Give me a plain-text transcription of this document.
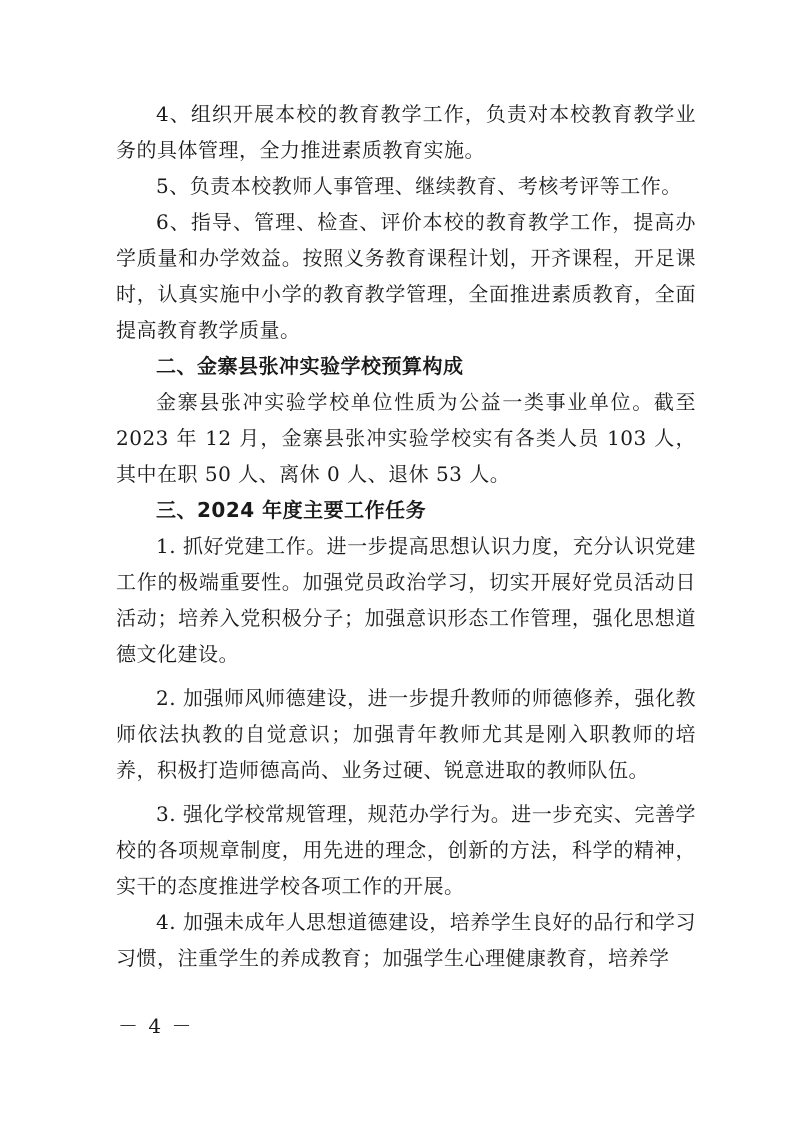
4、组织开展本校的教育教学工作，负责对本校教育教学业务的具体管理，全力推进素质教育实施。

5、负责本校教师人事管理、继续教育、考核考评等工作。

6、指导、管理、检查、评价本校的教育教学工作，提高办学质量和办学效益。按照义务教育课程计划，开齐课程，开足课时，认真实施中小学的教育教学管理，全面推进素质教育，全面提高教育教学质量。

二、金寨县张冲实验学校预算构成

金寨县张冲实验学校单位性质为公益一类事业单位。截至2023 年 12 月，金寨县张冲实验学校实有各类人员 103 人，其中在职 50 人、离休 0 人、退休 53 人。

三、2024 年度主要工作任务

1. 抓好党建工作。进一步提高思想认识力度，充分认识党建工作的极端重要性。加强党员政治学习，切实开展好党员活动日活动；培养入党积极分子；加强意识形态工作管理，强化思想道德文化建设。

2. 加强师风师德建设，进一步提升教师的师德修养，强化教师依法执教的自觉意识；加强青年教师尤其是刚入职教师的培养，积极打造师德高尚、业务过硬、锐意进取的教师队伍。

3. 强化学校常规管理，规范办学行为。进一步充实、完善学校的各项规章制度，用先进的理念，创新的方法，科学的精神，实干的态度推进学校各项工作的开展。

4. 加强未成年人思想道德建设，培养学生良好的品行和学习习惯，注重学生的养成教育；加强学生心理健康教育，培养学

－ 4 －
